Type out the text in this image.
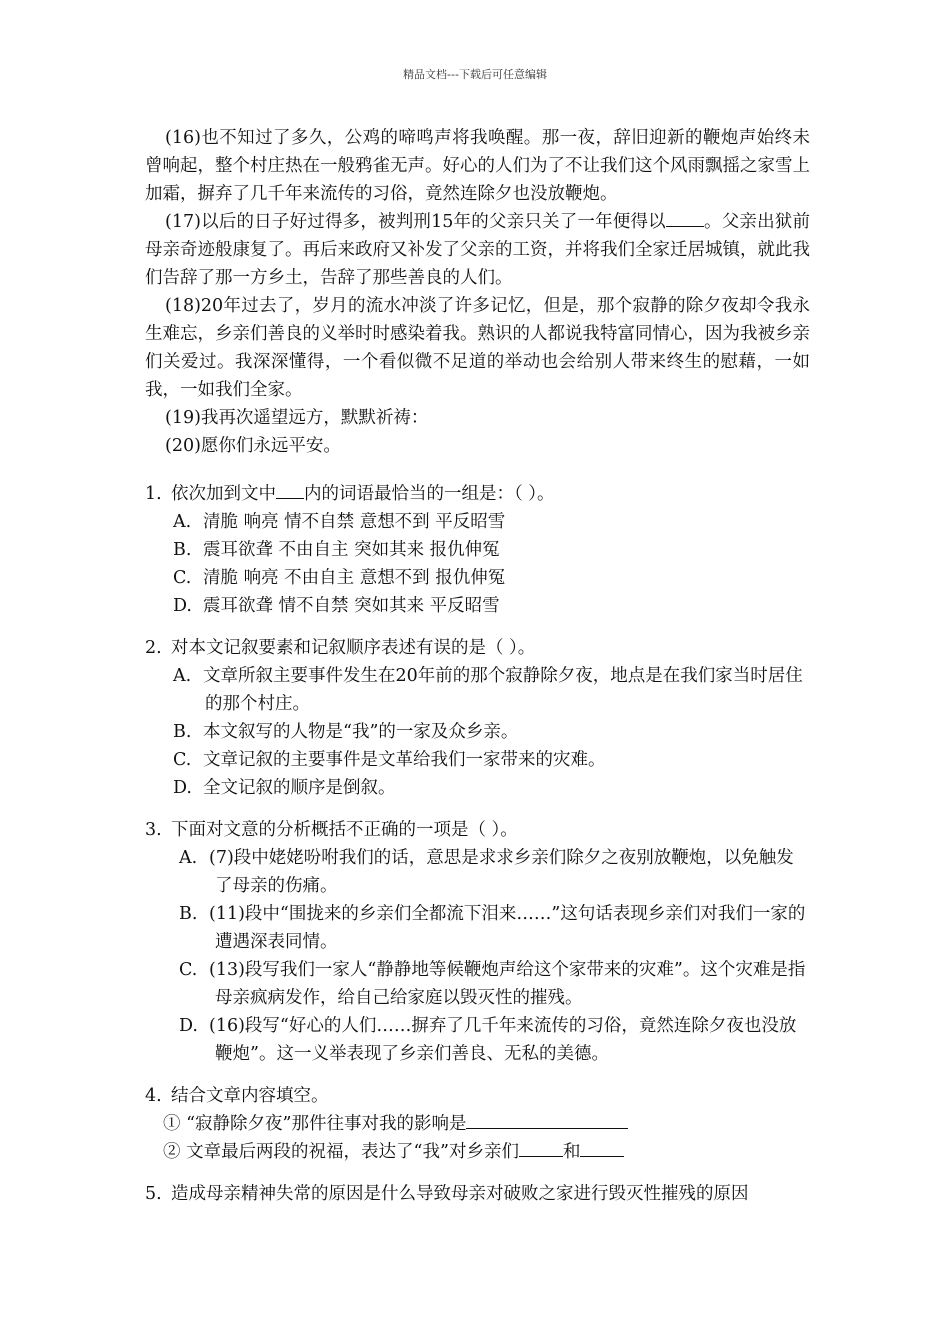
精品文档---下载后可任意编辑

(16)也不知过了多久，公鸡的啼鸣声将我唤醒。那一夜，辞旧迎新的鞭炮声始终未曾响起，整个村庄热在一般鸦雀无声。好心的人们为了不让我们这个风雨飘摇之家雪上加霜，摒弃了几千年来流传的习俗，竟然连除夕也没放鞭炮。

(17)以后的日子好过得多，被判刑15年的父亲只关了一年便得以 。父亲出狱前母亲奇迹般康复了。再后来政府又补发了父亲的工资，并将我们全家迁居城镇，就此我们告辞了那一方乡土，告辞了那些善良的人们。

(18)20年过去了，岁月的流水冲淡了许多记忆，但是，那个寂静的除夕夜却令我永生难忘，乡亲们善良的义举时时感染着我。熟识的人都说我特富同情心，因为我被乡亲们关爱过。我深深懂得，一个看似微不足道的举动也会给别人带来终生的慰藉，一如我，一如我们全家。

(19)我再次遥望远方，默默祈祷：

(20)愿你们永远平安。

1. 依次加到文中 内的词语最恰当的一组是：（ ）。

A. 清脆 响亮 情不自禁 意想不到 平反昭雪

B. 震耳欲聋 不由自主 突如其来 报仇伸冤

C. 清脆 响亮 不由自主 意想不到 报仇伸冤

D. 震耳欲聋 情不自禁 突如其来 平反昭雪

2. 对本文记叙要素和记叙顺序表述有误的是（ ）。

A. 文章所叙主要事件发生在20年前的那个寂静除夕夜，地点是在我们家当时居住的那个村庄。

B. 本文叙写的人物是“我”的一家及众乡亲。

C. 文章记叙的主要事件是文革给我们一家带来的灾难。

D. 全文记叙的顺序是倒叙。

3. 下面对文意的分析概括不正确的一项是（ ）。

A. (7)段中姥姥吩咐我们的话，意思是求求乡亲们除夕之夜别放鞭炮，以免触发了母亲的伤痛。

B. (11)段中“围拢来的乡亲们全都流下泪来……”这句话表现乡亲们对我们一家的遭遇深表同情。

C. (13)段写我们一家人“静静地等候鞭炮声给这个家带来的灾难”。这个灾难是指母亲疯病发作，给自己给家庭以毁灭性的摧残。

D. (16)段写“好心的人们……摒弃了几千年来流传的习俗，竟然连除夕夜也没放鞭炮”。这一义举表现了乡亲们善良、无私的美德。

4. 结合文章内容填空。

① “寂静除夕夜”那件往事对我的影响是

② 文章最后两段的祝福，表达了“我”对乡亲们	和

5. 造成母亲精神失常的原因是什么导致母亲对破败之家进行毁灭性摧残的原因
